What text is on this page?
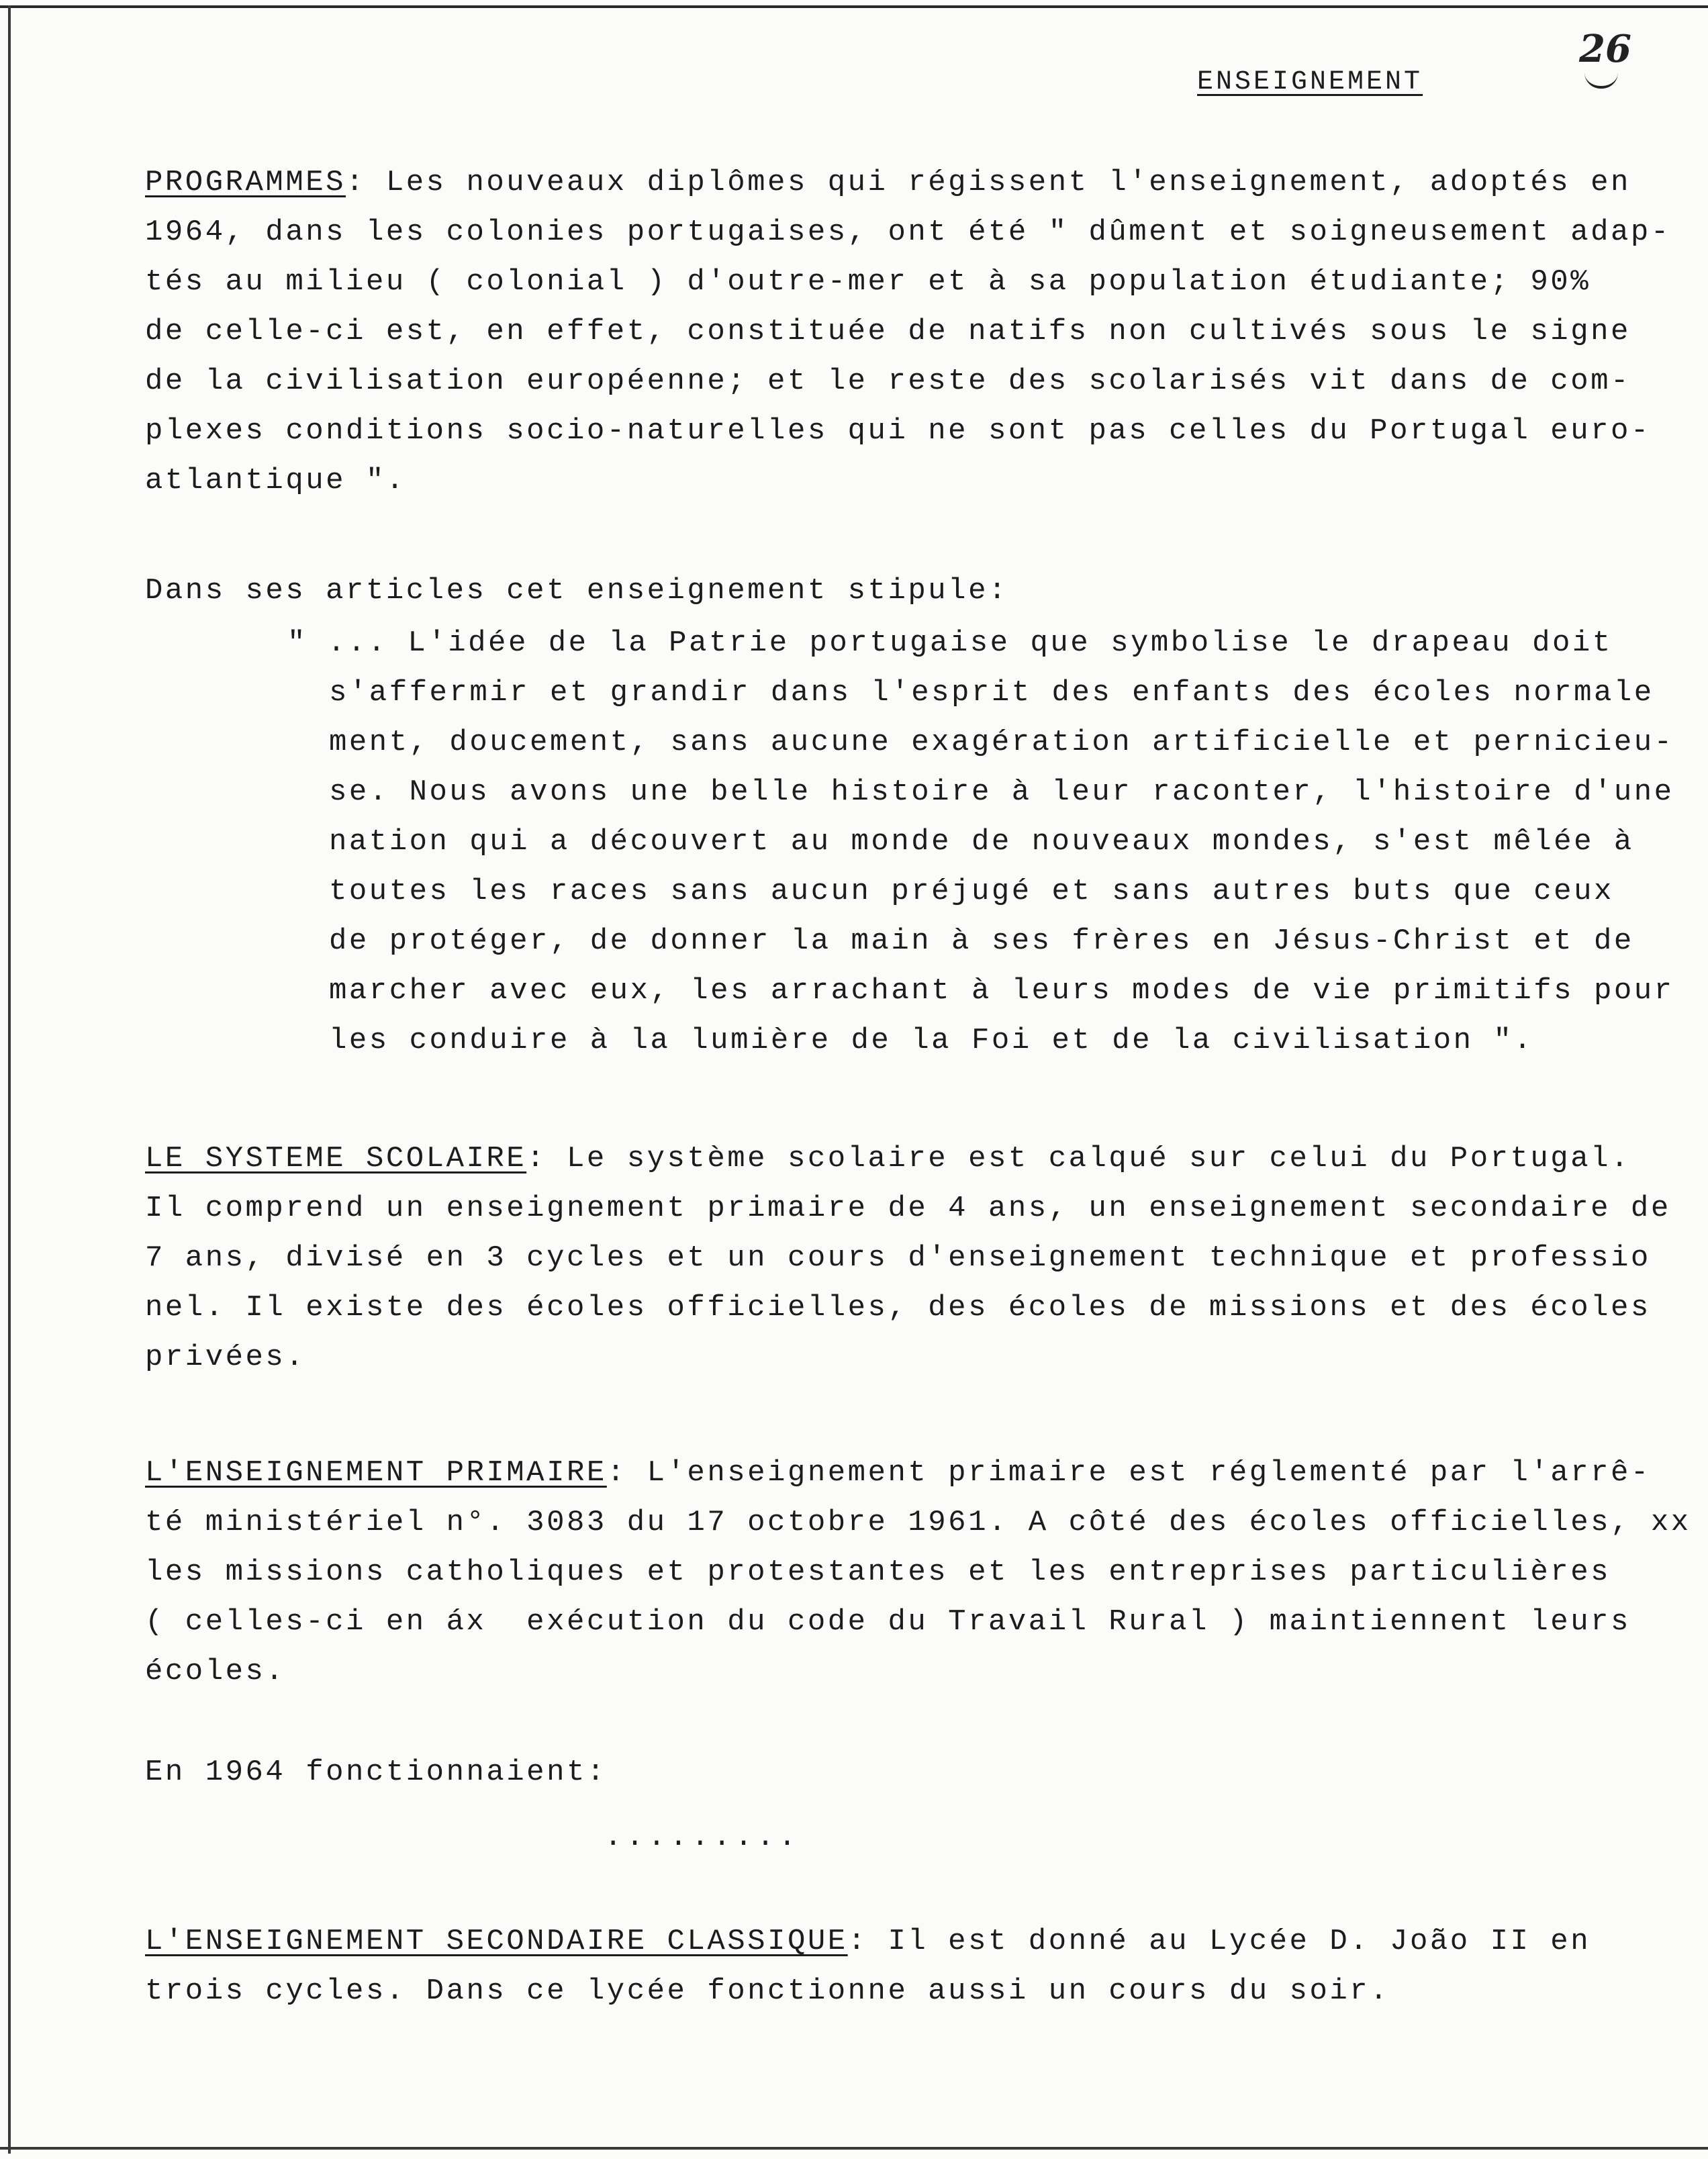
ENSEIGNEMENT
26
PROGRAMMES: Les nouveaux diplômes qui régissent l'enseignement, adoptés en
1964, dans les colonies portugaises, ont été " dûment et soigneusement adap-
tés au milieu ( colonial ) d'outre-mer et à sa population étudiante; 90%
de celle-ci est, en effet, constituée de natifs non cultivés sous le signe
de la civilisation européenne; et le reste des scolarisés vit dans de com-
plexes conditions socio-naturelles qui ne sont pas celles du Portugal euro-
atlantique ".
Dans ses articles cet enseignement stipule:
" ... L'idée de la Patrie portugaise que symbolise le drapeau doit
s'affermir et grandir dans l'esprit des enfants des écoles normale
ment, doucement, sans aucune exagération artificielle et pernicieu-
se. Nous avons une belle histoire à leur raconter, l'histoire d'une
nation qui a découvert au monde de nouveaux mondes, s'est mêlée à
toutes les races sans aucun préjugé et sans autres buts que ceux
de protéger, de donner la main à ses frères en Jésus-Christ et de
marcher avec eux, les arrachant à leurs modes de vie primitifs pour
les conduire à la lumière de la Foi et de la civilisation ".
LE SYSTEME SCOLAIRE: Le système scolaire est calqué sur celui du Portugal.
Il comprend un enseignement primaire de 4 ans, un enseignement secondaire de
7 ans, divisé en 3 cycles et un cours d'enseignement technique et professio
nel. Il existe des écoles officielles, des écoles de missions et des écoles
privées.
L'ENSEIGNEMENT PRIMAIRE: L'enseignement primaire est réglementé par l'arrê-
té ministériel n°. 3083 du 17 octobre 1961. A côté des écoles officielles, xx
les missions catholiques et protestantes et les entreprises particulières
( celles-ci en áx  exécution du code du Travail Rural ) maintiennent leurs
écoles.
En 1964 fonctionnaient:
.........
L'ENSEIGNEMENT SECONDAIRE CLASSIQUE: Il est donné au Lycée D. João II en
trois cycles. Dans ce lycée fonctionne aussi un cours du soir.
